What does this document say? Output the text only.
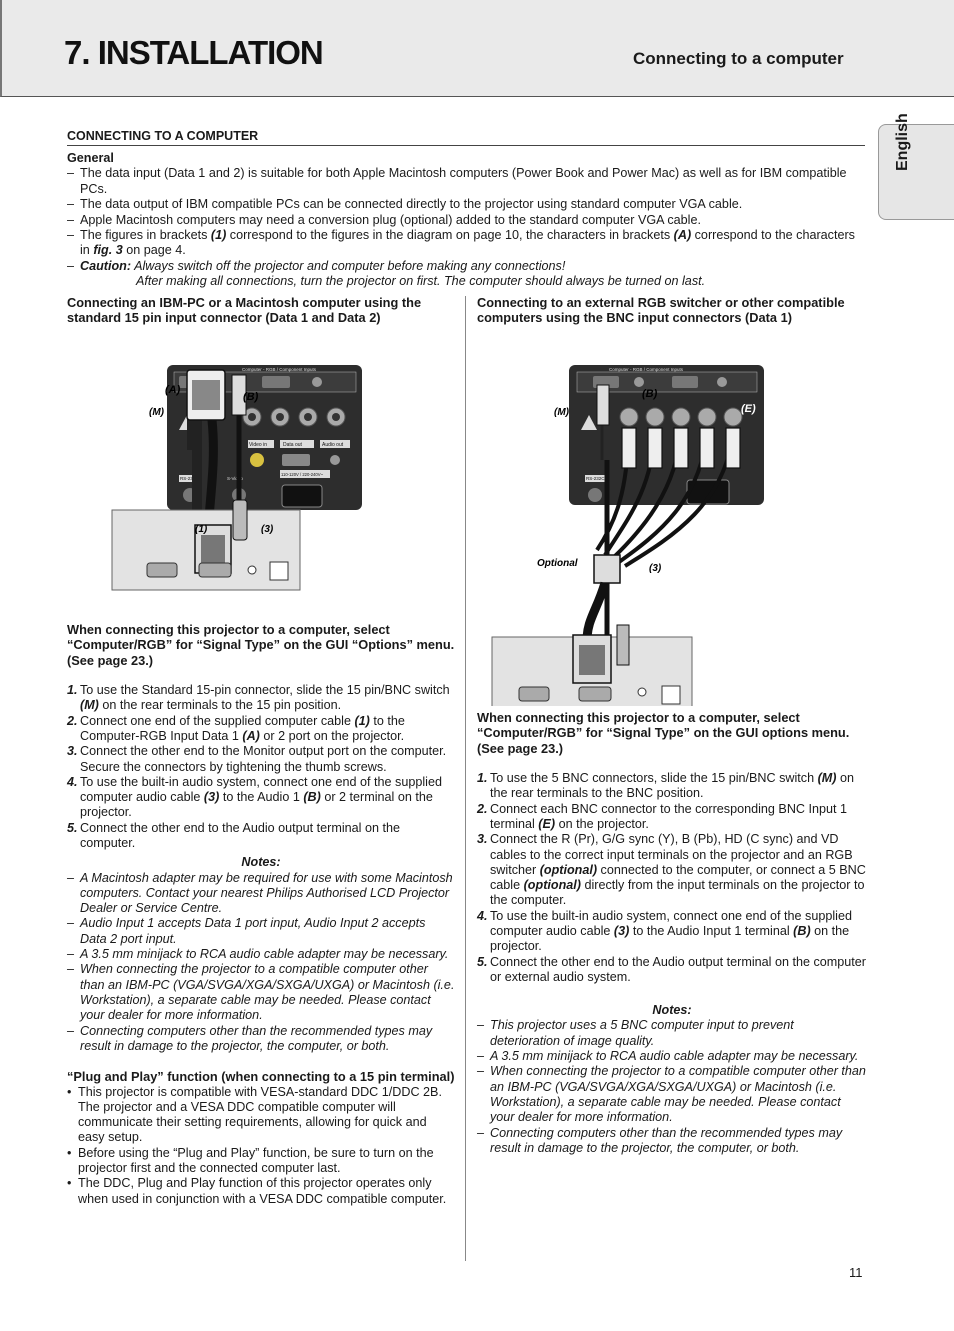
7. INSTALLATION	Connecting to a computer
English
CONNECTING TO A COMPUTER
General
– The data input (Data 1 and 2) is suitable for both Apple Macintosh computers (Power Book and Power Mac) as well as for IBM compatible PCs.
– The data output of IBM compatible PCs can be connected directly to the projector using standard computer VGA cable.
– Apple Macintosh computers may need a conversion plug (optional) added to the standard computer VGA cable.
– The figures in brackets (1) correspond to the figures in the diagram on page 10, the characters in brackets (A) correspond to the characters in fig. 3 on page 4.
– Caution: Always switch off the projector and computer before making any connections!
After making all connections, turn the projector on first. The computer should always be turned on last.
Connecting an IBM-PC or a Macintosh computer using the standard 15 pin input connector (Data 1 and Data 2)
Computer - RGB / Component Inputs
Video in	Data out	Audio out
RS-232C	S-Video
110-120V / 220-240V~
(A)
(B)
(M)
(1)	(3)
When connecting this projector to a computer, select “Computer/RGB” for “Signal Type” on the GUI “Options” menu. (See page 23.)
1. To use the Standard 15-pin connector, slide the 15 pin/BNC switch (M) on the rear terminals to the 15 pin position.
2. Connect one end of the supplied computer cable (1) to the Computer-RGB Input Data 1 (A) or 2 port on the projector.
3. Connect the other end to the Monitor output port on the computer. Secure the connectors by tightening the thumb screws.
4. To use the built-in audio system, connect one end of the supplied computer audio cable (3) to the Audio 1 (B) or 2 terminal on the projector.
5. Connect the other end to the Audio output terminal on the computer.
Notes:
– A Macintosh adapter may be required for use with some Macintosh computers. Contact your nearest Philips Authorised LCD Projector Dealer or Service Centre.
– Audio Input 1 accepts Data 1 port input, Audio Input 2 accepts Data 2 port input.
– A 3.5 mm minijack to RCA audio cable adapter may be necessary.
– When connecting the projector to a compatible computer other than an IBM-PC (VGA/SVGA/XGA/SXGA/UXGA) or Macintosh (i.e. Workstation), a separate cable may be needed. Please contact your dealer for more information.
– Connecting computers other than the recommended types may result in damage to the projector, the computer, or both.
“Plug and Play” function (when connecting to a 15 pin terminal)
• This projector is compatible with VESA-standard DDC 1/DDC 2B. The projector and a VESA DDC compatible computer will communicate their setting requirements, allowing for quick and easy setup.
• Before using the “Plug and Play” function, be sure to turn on the projector first and the connected computer last.
• The DDC, Plug and Play function of this projector operates only when used in conjunction with a VESA DDC compatible computer.
Connecting to an external RGB switcher or other compatible computers using the BNC input connectors (Data 1)
Computer - RGB / Component Inputs
RS-232C
(B)
(M)	(E)
Optional	(3)
When connecting this projector to a computer, select “Computer/RGB” for “Signal Type” on the GUI options menu. (See page 23.)
1. To use the 5 BNC connectors, slide the 15 pin/BNC switch (M) on the rear terminals to the BNC position.
2. Connect each BNC connector to the corresponding BNC Input 1 terminal (E) on the projector.
3. Connect the R (Pr), G/G sync (Y), B (Pb), HD (C sync) and VD cables to the correct input terminals on the projector and an RGB switcher (optional) connected to the computer, or connect a 5 BNC cable (optional) directly from the input terminals on the projector to the computer.
4. To use the built-in audio system, connect one end of the supplied computer audio cable (3) to the Audio Input 1 terminal (B) on the projector.
5. Connect the other end to the Audio output terminal on the computer or external audio system.
Notes:
– This projector uses a 5 BNC computer input to prevent deterioration of image quality.
– A 3.5 mm minijack to RCA audio cable adapter may be necessary.
– When connecting the projector to a compatible computer other than an IBM-PC (VGA/SVGA/XGA/SXGA/UXGA) or Macintosh (i.e. Workstation), a separate cable may be needed. Please contact your dealer for more information.
– Connecting computers other than the recommended types may result in damage to the projector, the computer, or both.
11
